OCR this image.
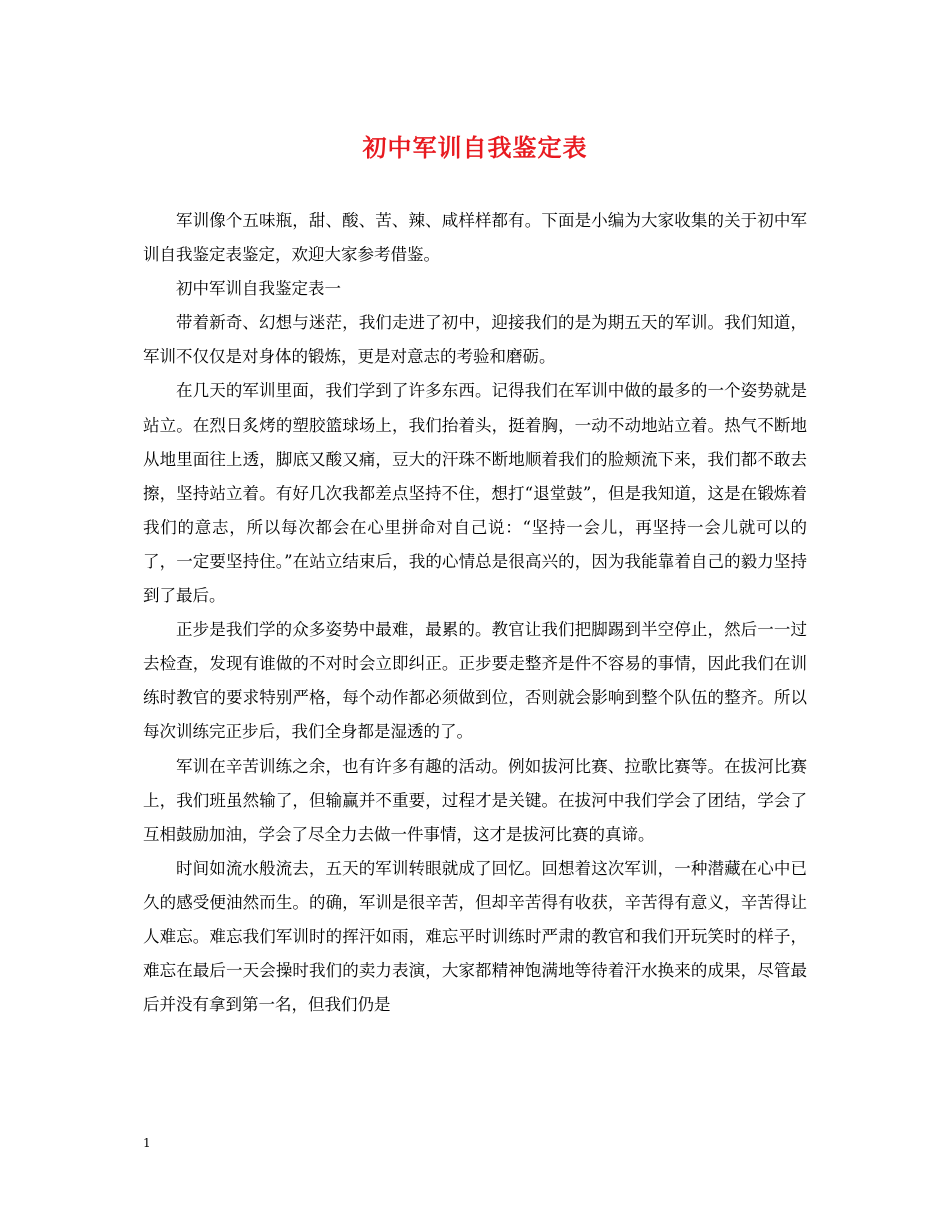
初中军训自我鉴定表

军训像个五味瓶，甜、酸、苦、辣、咸样样都有。下面是小编为大家收集的关于初中军训自我鉴定表鉴定，欢迎大家参考借鉴。

初中军训自我鉴定表一

带着新奇、幻想与迷茫，我们走进了初中，迎接我们的是为期五天的军训。我们知道，军训不仅仅是对身体的锻炼，更是对意志的考验和磨砺。

在几天的军训里面，我们学到了许多东西。记得我们在军训中做的最多的一个姿势就是站立。在烈日炙烤的塑胶篮球场上，我们抬着头，挺着胸，一动不动地站立着。热气不断地从地里面往上透，脚底又酸又痛，豆大的汗珠不断地顺着我们的脸颊流下来，我们都不敢去擦，坚持站立着。有好几次我都差点坚持不住，想打“退堂鼓”，但是我知道，这是在锻炼着我们的意志，所以每次都会在心里拼命对自己说：“坚持一会儿，再坚持一会儿就可以的了，一定要坚持住。”在站立结束后，我的心情总是很高兴的，因为我能靠着自己的毅力坚持到了最后。

正步是我们学的众多姿势中最难，最累的。教官让我们把脚踢到半空停止，然后一一过去检查，发现有谁做的不对时会立即纠正。正步要走整齐是件不容易的事情，因此我们在训练时教官的要求特别严格，每个动作都必须做到位，否则就会影响到整个队伍的整齐。所以每次训练完正步后，我们全身都是湿透的了。

军训在辛苦训练之余，也有许多有趣的活动。例如拔河比赛、拉歌比赛等。在拔河比赛上，我们班虽然输了，但输赢并不重要，过程才是关键。在拔河中我们学会了团结，学会了互相鼓励加油，学会了尽全力去做一件事情，这才是拔河比赛的真谛。

时间如流水般流去，五天的军训转眼就成了回忆。回想着这次军训，一种潜藏在心中已久的感受便油然而生。的确，军训是很辛苦，但却辛苦得有收获，辛苦得有意义，辛苦得让人难忘。难忘我们军训时的挥汗如雨，难忘平时训练时严肃的教官和我们开玩笑时的样子，难忘在最后一天会操时我们的卖力表演，大家都精神饱满地等待着汗水换来的成果，尽管最后并没有拿到第一名，但我们仍是

1
